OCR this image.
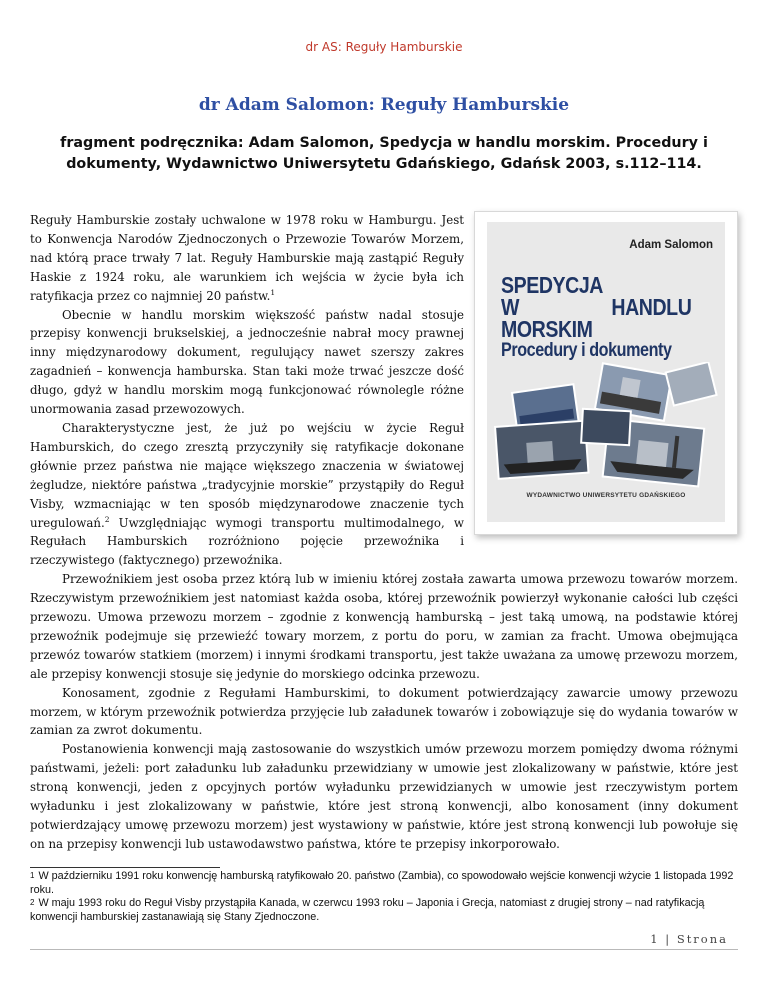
dr AS: Reguły Hamburskie
dr Adam Salomon: Reguły Hamburskie
fragment podręcznika: Adam Salomon, Spedycja w handlu morskim. Procedury i dokumenty, Wydawnictwo Uniwersytetu Gdańskiego, Gdańsk 2003, s.112–114.
Adam Salomon
SPEDYCJA
W HANDLU MORSKIM
Procedury i dokumenty
WYDAWNICTWO UNIWERSYTETU GDAŃSKIEGO

Reguły Hamburskie zostały uchwalone w 1978 roku w Hamburgu. Jest to Konwencja Narodów Zjednoczonych o Przewozie Towarów Morzem, nad którą prace trwały 7 lat. Reguły Hamburskie mają zastąpić Reguły Haskie z 1924 roku, ale warunkiem ich wejścia w życie była ich ratyfikacja przez co najmniej 20 państw.$^1$

Obecnie w handlu morskim większość państw nadal stosuje przepisy konwencji brukselskiej, a jednocześnie nabrał mocy prawnej inny międzynarodowy dokument, regulujący nawet szerszy zakres zagadnień – konwencja hamburska. Stan taki może trwać jeszcze dość długo, gdyż w handlu morskim mogą funkcjonować równolegle różne unormowania zasad przewozowych.

Charakterystyczne jest, że już po wejściu w życie Reguł Hamburskich, do czego zresztą przyczyniły się ratyfikacje dokonane głównie przez państwa nie mające większego znaczenia w światowej żegludze, niektóre państwa „tradycyjnie morskie” przystąpiły do Reguł Visby, wzmacniając w ten sposób międzynarodowe znaczenie tych uregulowań.$^2$ Uwzględniając wymogi transportu multimodalnego, w Regułach Hamburskich rozróżniono pojęcie przewoźnika i rzeczywistego (faktycznego) przewoźnika.

Przewoźnikiem jest osoba przez którą lub w imieniu której została zawarta umowa przewozu towarów morzem. Rzeczywistym przewoźnikiem jest natomiast każda osoba, której przewoźnik powierzył wykonanie całości lub części przewozu. Umowa przewozu morzem – zgodnie z konwencją hamburską – jest taką umową, na podstawie której przewoźnik podejmuje się przewieźć towary morzem, z portu do poru, w zamian za fracht. Umowa obejmująca przewóz towarów statkiem (morzem) i innymi środkami transportu, jest także uważana za umowę przewozu morzem, ale przepisy konwencji stosuje się jedynie do morskiego odcinka przewozu.

Konosament, zgodnie z Regułami Hamburskimi, to dokument potwierdzający zawarcie umowy przewozu morzem, w którym przewoźnik potwierdza przyjęcie lub załadunek towarów i zobowiązuje się do wydania towarów w zamian za zwrot dokumentu.

Postanowienia konwencji mają zastosowanie do wszystkich umów przewozu morzem pomiędzy dwoma różnymi państwami, jeżeli: port załadunku lub załadunku przewidziany w umowie jest zlokalizowany w państwie, które jest stroną konwencji, jeden z opcyjnych portów wyładunku przewidzianych w umowie jest rzeczywistym portem wyładunku i jest zlokalizowany w państwie, które jest stroną konwencji, albo konosament (inny dokument potwierdzający umowę przewozu morzem) jest wystawiony w państwie, które jest stroną konwencji lub powołuje się on na przepisy konwencji lub ustawodawstwo państwa, które te przepisy inkorporowało.

$^1$ W październiku 1991 roku konwencję hamburską ratyfikowało 20. państwo (Zambia), co spowodowało wejście konwencji wżycie 1 listopada 1992 roku.

$^2$ W maju 1993 roku do Reguł Visby przystąpiła Kanada, w czerwcu 1993 roku – Japonia i Grecja, natomiast z drugiej strony – nad ratyfikacją konwencji hamburskiej zastanawiają się Stany Zjednoczone.

1 | Strona
